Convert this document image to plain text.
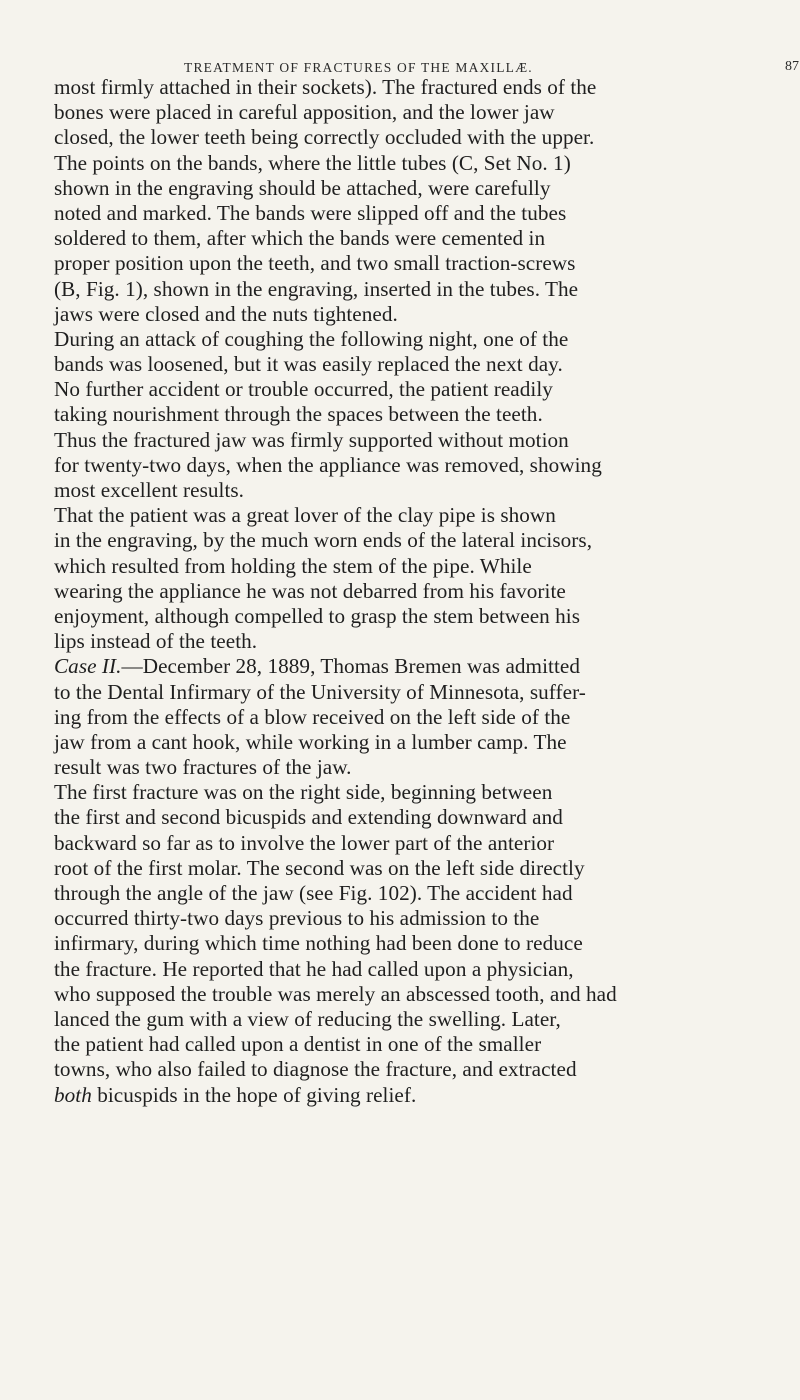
TREATMENT OF FRACTURES OF THE MAXILLÆ.	87
most firmly attached in their sockets). The fractured ends of the
bones were placed in careful apposition, and the lower jaw
closed, the lower teeth being correctly occluded with the upper.
The points on the bands, where the little tubes (C, Set No. 1)
shown in the engraving should be attached, were carefully
noted and marked. The bands were slipped off and the tubes
soldered to them, after which the bands were cemented in
proper position upon the teeth, and two small traction-screws
(B, Fig. 1), shown in the engraving, inserted in the tubes. The
jaws were closed and the nuts tightened.
During an attack of coughing the following night, one of the
bands was loosened, but it was easily replaced the next day.
No further accident or trouble occurred, the patient readily
taking nourishment through the spaces between the teeth.
Thus the fractured jaw was firmly supported without motion
for twenty-two days, when the appliance was removed, showing
most excellent results.
That the patient was a great lover of the clay pipe is shown
in the engraving, by the much worn ends of the lateral incisors,
which resulted from holding the stem of the pipe. While
wearing the appliance he was not debarred from his favorite
enjoyment, although compelled to grasp the stem between his
lips instead of the teeth.
Case II.—December 28, 1889, Thomas Bremen was admitted
to the Dental Infirmary of the University of Minnesota, suffer-
ing from the effects of a blow received on the left side of the
jaw from a cant hook, while working in a lumber camp. The
result was two fractures of the jaw.
The first fracture was on the right side, beginning between
the first and second bicuspids and extending downward and
backward so far as to involve the lower part of the anterior
root of the first molar. The second was on the left side directly
through the angle of the jaw (see Fig. 102). The accident had
occurred thirty-two days previous to his admission to the
infirmary, during which time nothing had been done to reduce
the fracture. He reported that he had called upon a physician,
who supposed the trouble was merely an abscessed tooth, and had
lanced the gum with a view of reducing the swelling. Later,
the patient had called upon a dentist in one of the smaller
towns, who also failed to diagnose the fracture, and extracted
both bicuspids in the hope of giving relief.
